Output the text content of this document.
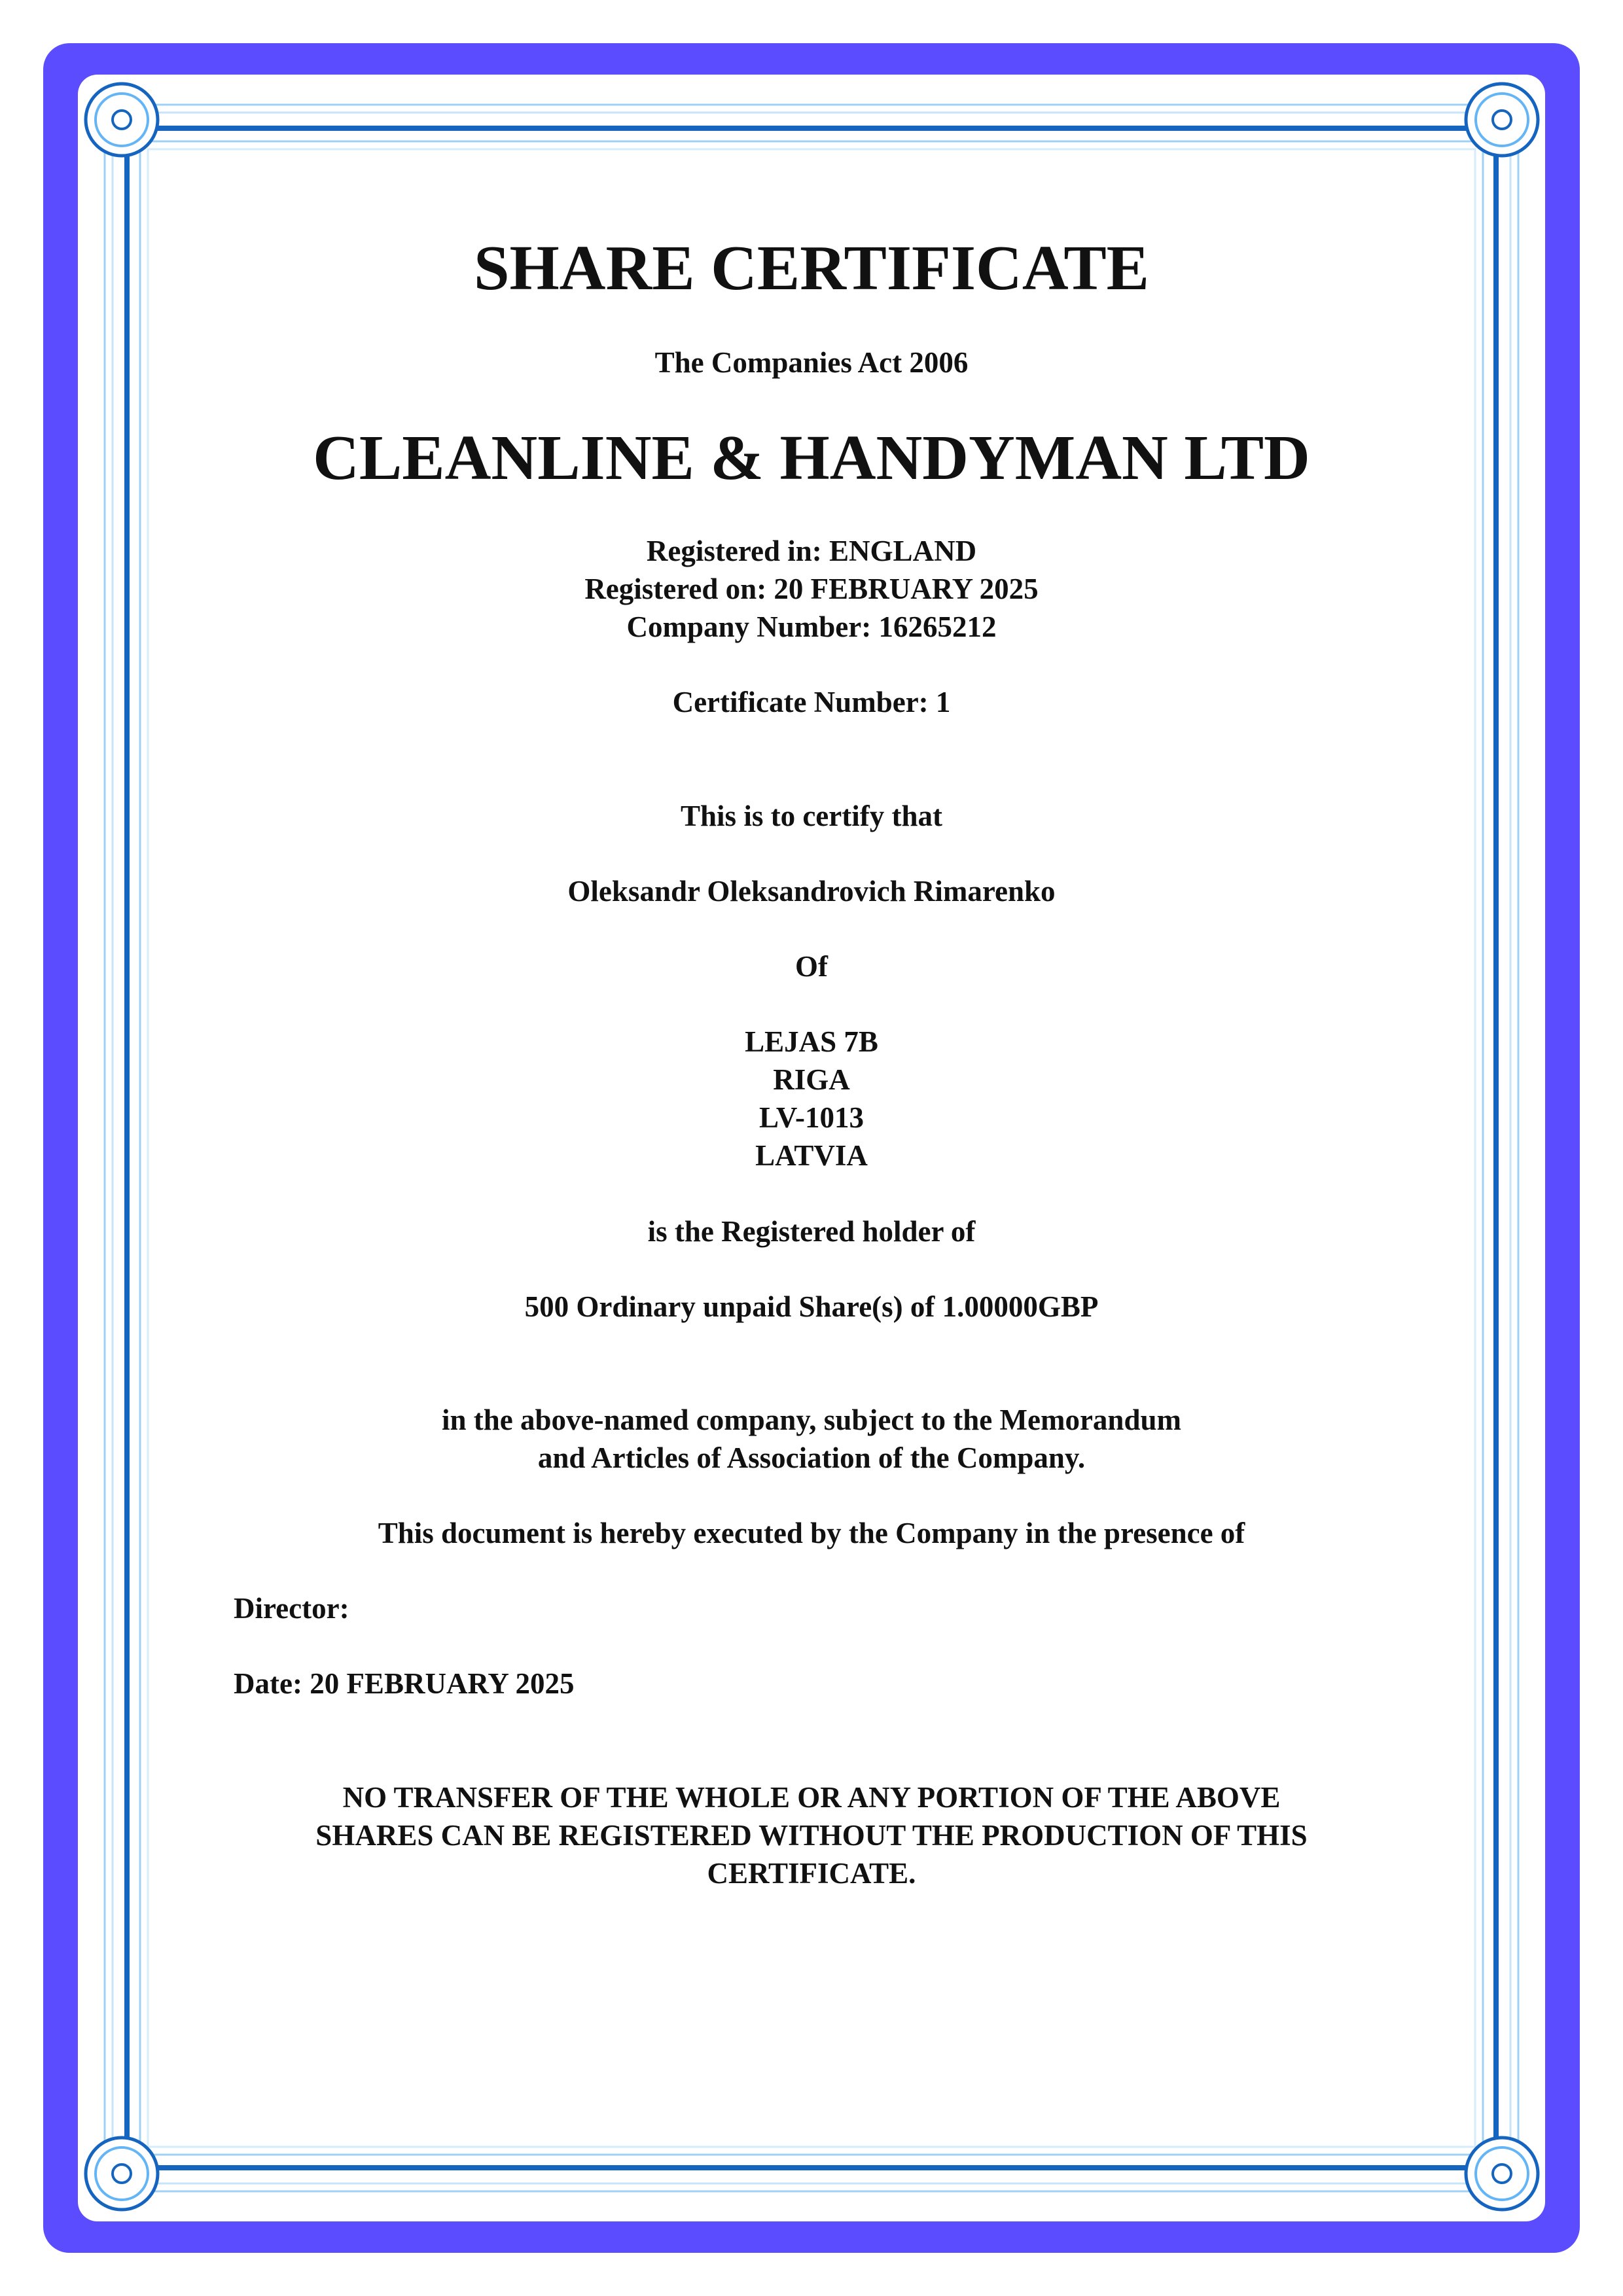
SHARE CERTIFICATE
The Companies Act 2006
CLEANLINE & HANDYMAN LTD
Registered in: ENGLAND
Registered on: 20 FEBRUARY 2025
Company Number: 16265212
Certificate Number: 1
This is to certify that
Oleksandr Oleksandrovich Rimarenko
Of
LEJAS 7B
RIGA
LV-1013
LATVIA
is the Registered holder of
500 Ordinary unpaid Share(s) of 1.00000GBP
in the above-named company, subject to the Memorandum
and Articles of Association of the Company.
This document is hereby executed by the Company in the presence of
Director:
Date: 20 FEBRUARY 2025
NO TRANSFER OF THE WHOLE OR ANY PORTION OF THE ABOVE
SHARES CAN BE REGISTERED WITHOUT THE PRODUCTION OF THIS
CERTIFICATE.
